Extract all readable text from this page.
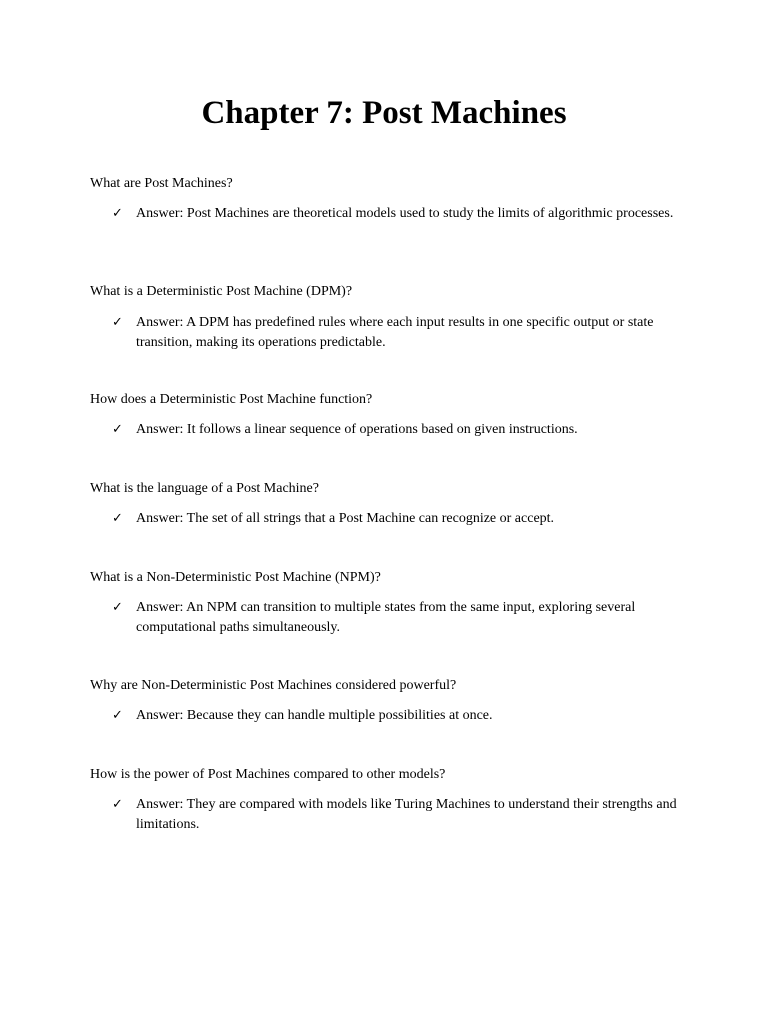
Chapter 7: Post Machines
What are Post Machines?
✓ Answer: Post Machines are theoretical models used to study the limits of algorithmic processes.
What is a Deterministic Post Machine (DPM)?
✓ Answer: A DPM has predefined rules where each input results in one specific output or state transition, making its operations predictable.
How does a Deterministic Post Machine function?
✓ Answer: It follows a linear sequence of operations based on given instructions.
What is the language of a Post Machine?
✓ Answer: The set of all strings that a Post Machine can recognize or accept.
What is a Non-Deterministic Post Machine (NPM)?
✓ Answer: An NPM can transition to multiple states from the same input, exploring several computational paths simultaneously.
Why are Non-Deterministic Post Machines considered powerful?
✓ Answer: Because they can handle multiple possibilities at once.
How is the power of Post Machines compared to other models?
✓ Answer: They are compared with models like Turing Machines to understand their strengths and limitations.
